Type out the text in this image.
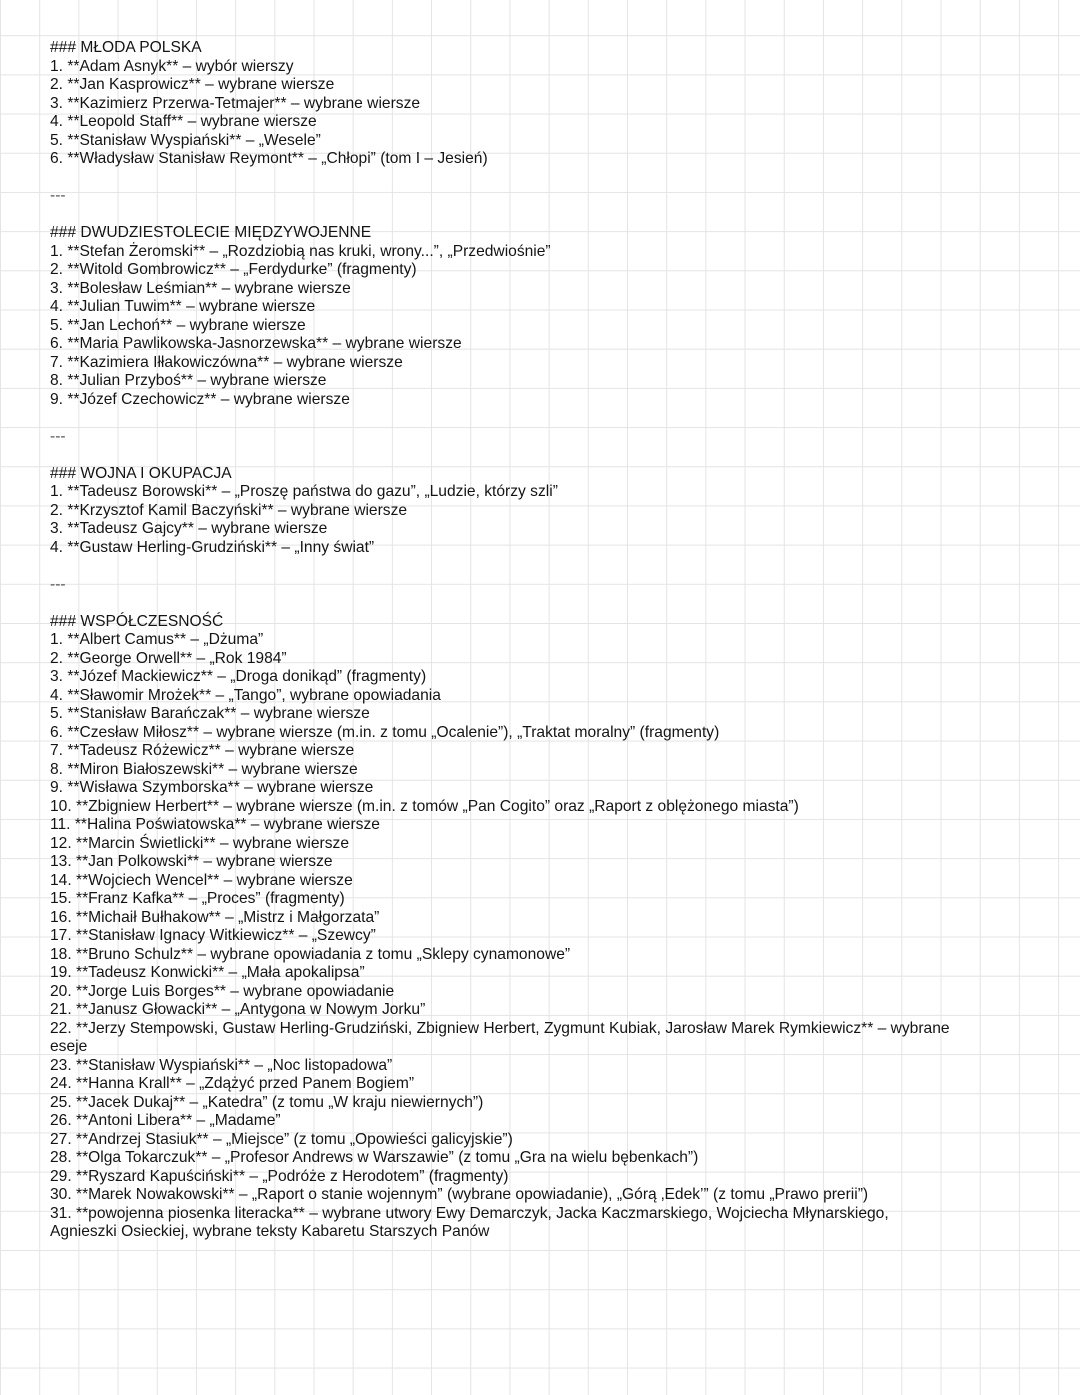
### MŁODA POLSKA
1. **Adam Asnyk** – wybór wierszy
2. **Jan Kasprowicz** – wybrane wiersze
3. **Kazimierz Przerwa-Tetmajer** – wybrane wiersze
4. **Leopold Staff** – wybrane wiersze
5. **Stanisław Wyspiański** – „Wesele”
6. **Władysław Stanisław Reymont** – „Chłopi” (tom I – Jesień)
---
### DWUDZIESTOLECIE MIĘDZYWOJENNE
1. **Stefan Żeromski** – „Rozdziobią nas kruki, wrony...”, „Przedwiośnie”
2. **Witold Gombrowicz** – „Ferdydurke” (fragmenty)
3. **Bolesław Leśmian** – wybrane wiersze
4. **Julian Tuwim** – wybrane wiersze
5. **Jan Lechoń** – wybrane wiersze
6. **Maria Pawlikowska-Jasnorzewska** – wybrane wiersze
7. **Kazimiera Iłłakowiczówna** – wybrane wiersze
8. **Julian Przyboś** – wybrane wiersze
9. **Józef Czechowicz** – wybrane wiersze
---
### WOJNA I OKUPACJA
1. **Tadeusz Borowski** – „Proszę państwa do gazu”, „Ludzie, którzy szli”
2. **Krzysztof Kamil Baczyński** – wybrane wiersze
3. **Tadeusz Gajcy** – wybrane wiersze
4. **Gustaw Herling-Grudziński** – „Inny świat”
---
### WSPÓŁCZESNOŚĆ
1. **Albert Camus** – „Dżuma”
2. **George Orwell** – „Rok 1984”
3. **Józef Mackiewicz** – „Droga donikąd” (fragmenty)
4. **Sławomir Mrożek** – „Tango”, wybrane opowiadania
5. **Stanisław Barańczak** – wybrane wiersze
6. **Czesław Miłosz** – wybrane wiersze (m.in. z tomu „Ocalenie”), „Traktat moralny” (fragmenty)
7. **Tadeusz Różewicz** – wybrane wiersze
8. **Miron Białoszewski** – wybrane wiersze
9. **Wisława Szymborska** – wybrane wiersze
10. **Zbigniew Herbert** – wybrane wiersze (m.in. z tomów „Pan Cogito” oraz „Raport z oblężonego miasta”)
11. **Halina Poświatowska** – wybrane wiersze
12. **Marcin Świetlicki** – wybrane wiersze
13. **Jan Polkowski** – wybrane wiersze
14. **Wojciech Wencel** – wybrane wiersze
15. **Franz Kafka** – „Proces” (fragmenty)
16. **Michaił Bułhakow** – „Mistrz i Małgorzata”
17. **Stanisław Ignacy Witkiewicz** – „Szewcy”
18. **Bruno Schulz** – wybrane opowiadania z tomu „Sklepy cynamonowe”
19. **Tadeusz Konwicki** – „Mała apokalipsa”
20. **Jorge Luis Borges** – wybrane opowiadanie
21. **Janusz Głowacki** – „Antygona w Nowym Jorku”
22. **Jerzy Stempowski, Gustaw Herling-Grudziński, Zbigniew Herbert, Zygmunt Kubiak, Jarosław Marek Rymkiewicz** – wybrane eseje
23. **Stanisław Wyspiański** – „Noc listopadowa”
24. **Hanna Krall** – „Zdążyć przed Panem Bogiem”
25. **Jacek Dukaj** – „Katedra” (z tomu „W kraju niewiernych”)
26. **Antoni Libera** – „Madame”
27. **Andrzej Stasiuk** – „Miejsce” (z tomu „Opowieści galicyjskie”)
28. **Olga Tokarczuk** – „Profesor Andrews w Warszawie” (z tomu „Gra na wielu bębenkach”)
29. **Ryszard Kapuściński** – „Podróże z Herodotem” (fragmenty)
30. **Marek Nowakowski** – „Raport o stanie wojennym” (wybrane opowiadanie), „Górą ‚Edek’” (z tomu „Prawo prerii”)
31. **powojenna piosenka literacka** – wybrane utwory Ewy Demarczyk, Jacka Kaczmarskiego, Wojciecha Młynarskiego, Agnieszki Osieckiej, wybrane teksty Kabaretu Starszych Panów
